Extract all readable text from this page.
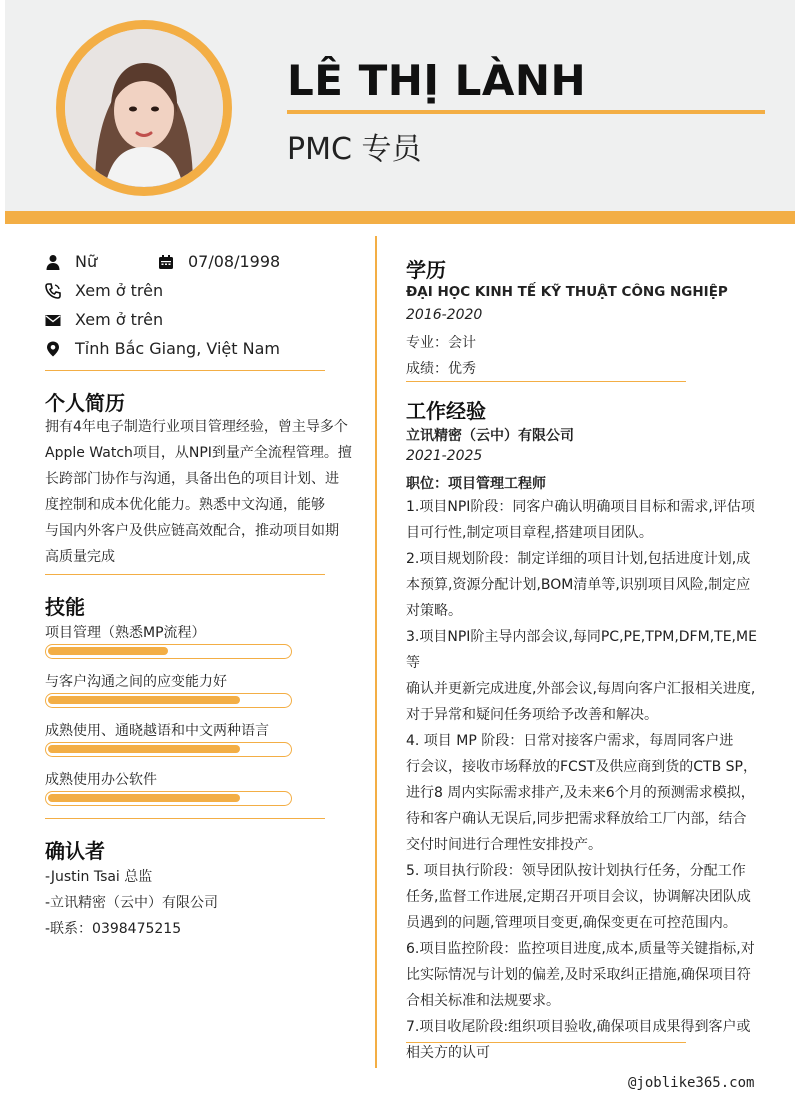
LÊ THỊ LÀNH
PMC 专员
Nữ	07/08/1998
Xem ở trên
Xem ở trên
Tỉnh Bắc Giang, Việt Nam
个人简历
拥有4年电子制造行业项目管理经验，曾主导多个
Apple Watch项目，从NPI到量产全流程管理。擅
长跨部门协作与沟通，具备出色的项目计划、进
度控制和成本优化能力。熟悉中文沟通，能够
与国内外客户及供应链高效配合，推动项目如期
高质量完成
技能
项目管理（熟悉MP流程）
与客户沟通之间的应变能力好
成熟使用、通晓越语和中文两种语言
成熟使用办公软件
确认者
-Justin Tsai 总监
-立讯精密（云中）有限公司
-联系：0398475215
学历
ĐẠI HỌC KINH TẾ KỸ THUẬT CÔNG NGHIỆP
2016-2020
专业：会计
成绩：优秀
工作经验
立讯精密（云中）有限公司
2021-2025
职位：项目管理工程师
1.项目NPI阶段：同客户确认明确项目目标和需求,评估项
目可行性,制定项目章程,搭建项目团队。
2.项目规划阶段：制定详细的项目计划,包括进度计划,成
本预算,资源分配计划,BOM清单等,识别项目风险,制定应
对策略。
3.项目NPI阶主导内部会议,每同PC,PE,TPM,DFM,TE,ME等
确认并更新完成进度,外部会议,每周向客户汇报相关进度,
对于异常和疑问任务项给予改善和解决。
4. 项目 MP 阶段：日常对接客户需求，每周同客户进
行会议，接收市场释放的FCST及供应商到货的CTB SP，
进行8 周内实际需求排产,及未来6个月的预测需求模拟，
待和客户确认无误后,同步把需求释放给工厂内部，结合
交付时间进行合理性安排投产。
5. 项目执行阶段：领导团队按计划执行任务，分配工作
任务,监督工作进展,定期召开项目会议，协调解决团队成
员遇到的问题,管理项目变更,确保变更在可控范围内。
6.项目监控阶段：监控项目进度,成本,质量等关键指标,对
比实际情况与计划的偏差,及时采取纠正措施,确保项目符
合相关标准和法规要求。
7.项目收尾阶段:组织项目验收,确保项目成果得到客户或
相关方的认可
@joblike365.com
